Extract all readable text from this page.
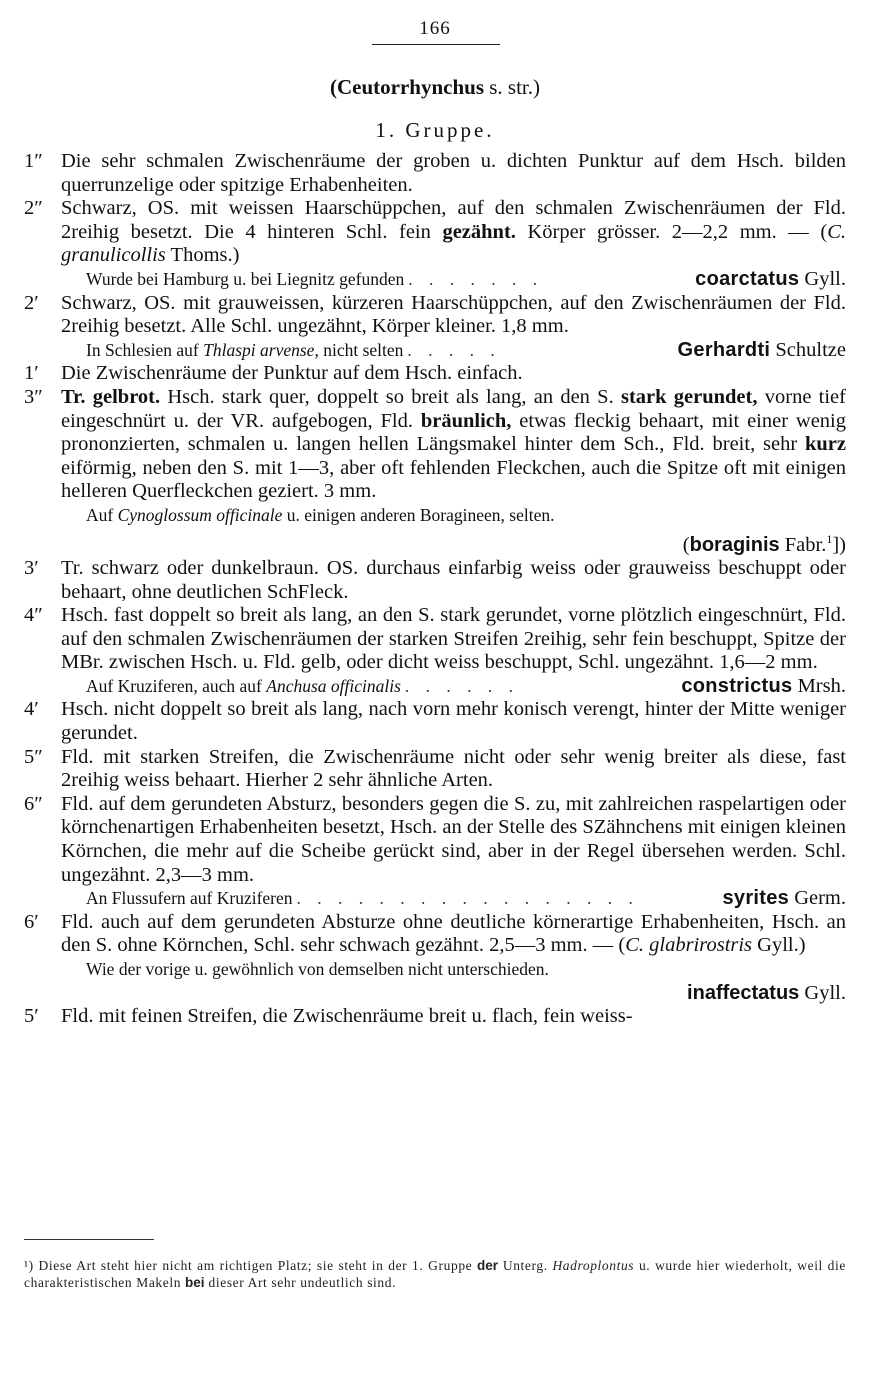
166
(Ceutorrhynchus s. str.)
1. Gruppe.
1″ Die sehr schmalen Zwischenräume der groben u. dichten Punktur auf dem Hsch. bilden querrunzelige oder spitzige Erhabenheiten.
2″ Schwarz, OS. mit weissen Haarschüppchen, auf den schmalen Zwischenräumen der Fld. 2reihig besetzt. Die 4 hinteren Schl. fein gezähnt. Körper grösser. 2—2,2 mm. — (C. granulicollis Thoms.)
Wurde bei Hamburg u. bei Liegnitz gefunden . . . . . . .	coarctatus Gyll.
2′ Schwarz, OS. mit grauweissen, kürzeren Haarschüppchen, auf den Zwischenräumen der Fld. 2reihig besetzt. Alle Schl. ungezähnt, Körper kleiner. 1,8 mm.
In Schlesien auf Thlaspi arvense, nicht selten . . . . .	Gerhardti Schultze
1′ Die Zwischenräume der Punktur auf dem Hsch. einfach.
3″ Tr. gelbrot. Hsch. stark quer, doppelt so breit als lang, an den S. stark gerundet, vorne tief eingeschnürt u. der VR. aufgebogen, Fld. bräunlich, etwas fleckig behaart, mit einer wenig prononzierten, schmalen u. langen hellen Längsmakel hinter dem Sch., Fld. breit, sehr kurz eiförmig, neben den S. mit 1—3, aber oft fehlenden Fleckchen, auch die Spitze oft mit einigen helleren Querfleckchen geziert. 3 mm.
Auf Cynoglossum officinale u. einigen anderen Boragineen, selten.
(boraginis Fabr.$^1$])
3′ Tr. schwarz oder dunkelbraun. OS. durchaus einfarbig weiss oder grauweiss beschuppt oder behaart, ohne deutlichen SchFleck.
4″ Hsch. fast doppelt so breit als lang, an den S. stark gerundet, vorne plötzlich eingeschnürt, Fld. auf den schmalen Zwischenräumen der starken Streifen 2reihig, sehr fein beschuppt, Spitze der MBr. zwischen Hsch. u. Fld. gelb, oder dicht weiss beschuppt, Schl. ungezähnt. 1,6—2 mm.
Auf Kruziferen, auch auf Anchusa officinalis . . . . . .	constrictus Mrsh.
4′ Hsch. nicht doppelt so breit als lang, nach vorn mehr konisch verengt, hinter der Mitte weniger gerundet.
5″ Fld. mit starken Streifen, die Zwischenräume nicht oder sehr wenig breiter als diese, fast 2reihig weiss behaart. Hierher 2 sehr ähnliche Arten.
6″ Fld. auf dem gerundeten Absturz, besonders gegen die S. zu, mit zahlreichen raspelartigen oder körnchenartigen Erhabenheiten besetzt, Hsch. an der Stelle des SZähnchens mit einigen kleinen Körnchen, die mehr auf die Scheibe gerückt sind, aber in der Regel übersehen werden. Schl. ungezähnt. 2,3—3 mm.
An Flussufern auf Kruziferen . . . . . . . . . . . . . . . . .	syrites Germ.
6′ Fld. auch auf dem gerundeten Absturze ohne deutliche körnerartige Erhabenheiten, Hsch. an den S. ohne Körnchen, Schl. sehr schwach gezähnt. 2,5—3 mm. — (C. glabrirostris Gyll.)
Wie der vorige u. gewöhnlich von demselben nicht unterschieden.
inaffectatus Gyll.
5′ Fld. mit feinen Streifen, die Zwischenräume breit u. flach, fein weiss-
¹) Diese Art steht hier nicht am richtigen Platz; sie steht in der 1. Gruppe der Unterg. Hadroplontus u. wurde hier wiederholt, weil die charakteristischen Makeln bei dieser Art sehr undeutlich sind.
